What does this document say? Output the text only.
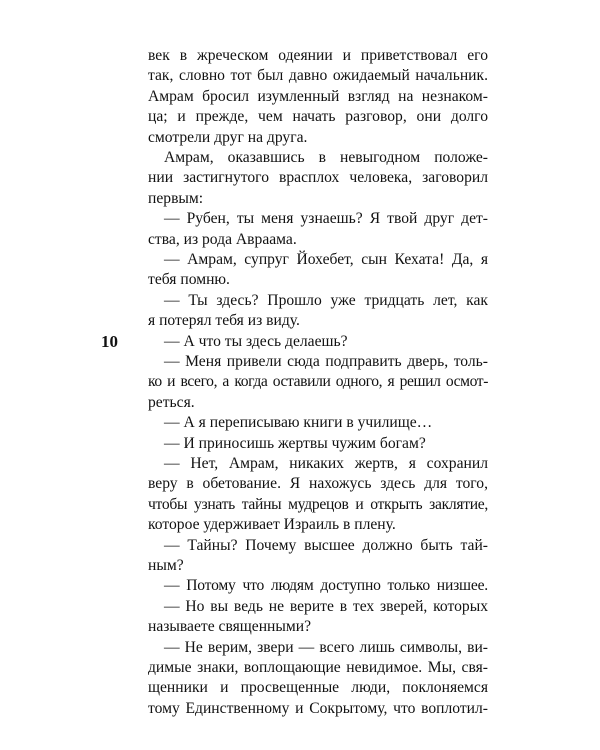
10
век в жреческом одеянии и приветствовал его
так, словно тот был давно ожидаемый начальник.
Амрам бросил изумленный взгляд на незнаком-
ца; и прежде, чем начать разговор, они долго
смотрели друг на друга.
Амрам, оказавшись в невыгодном положе-
нии застигнутого врасплох человека, заговорил
первым:
— Рубен, ты меня узнаешь? Я твой друг дет-
ства, из рода Авраама.
— Амрам, супруг Йохебет, сын Кехата! Да, я
тебя помню.
— Ты здесь? Прошло уже тридцать лет, как
я потерял тебя из виду.
— А что ты здесь делаешь?
— Меня привели сюда подправить дверь, толь-
ко и всего, а когда оставили одного, я решил осмот-
реться.
— А я переписываю книги в училище…
— И приносишь жертвы чужим богам?
— Нет, Амрам, никаких жертв, я сохранил
веру в обетование. Я нахожусь здесь для того,
чтобы узнать тайны мудрецов и открыть заклятие,
которое удерживает Израиль в плену.
— Тайны? Почему высшее должно быть тай-
ным?
— Потому что людям доступно только низшее.
— Но вы ведь не верите в тех зверей, которых
называете священными?
— Не верим, звери — всего лишь символы, ви-
димые знаки, воплощающие невидимое. Мы, свя-
щенники и просвещенные люди, поклоняемся
тому Единственному и Сокрытому, что воплотил-
